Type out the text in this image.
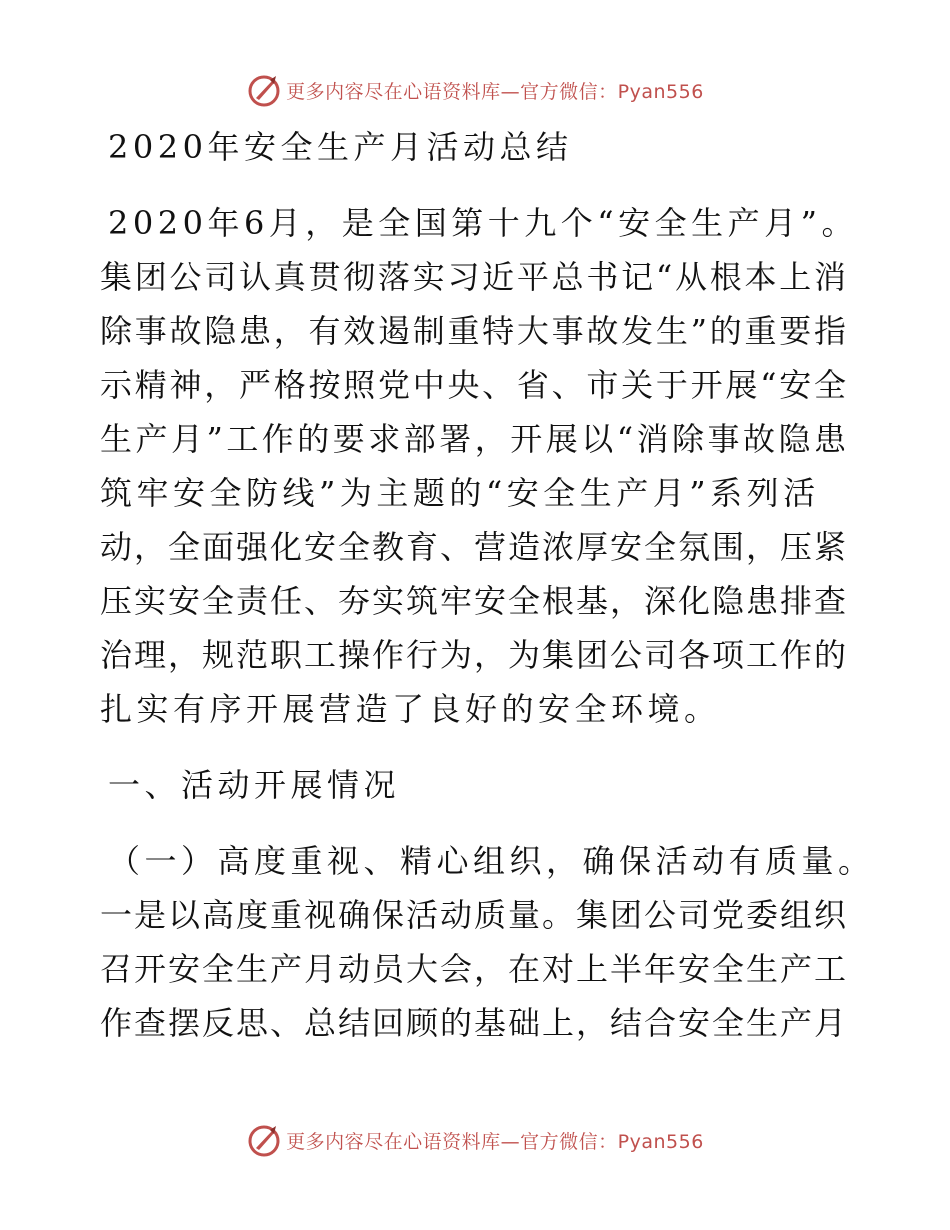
更多内容尽在心语资料库—官方微信：Pyan556
2020年安全生产月活动总结
2020年6月，是全国第十九个“安全生产月”。
集团公司认真贯彻落实习近平总书记“从根本上消
除事故隐患，有效遏制重特大事故发生”的重要指
示精神，严格按照党中央、省、市关于开展“安全
生产月”工作的要求部署，开展以“消除事故隐患
筑牢安全防线”为主题的“安全生产月”系列活
动，全面强化安全教育、营造浓厚安全氛围，压紧
压实安全责任、夯实筑牢安全根基，深化隐患排查
治理，规范职工操作行为，为集团公司各项工作的
扎实有序开展营造了良好的安全环境。
一、活动开展情况
（一）高度重视、精心组织，确保活动有质量。
一是以高度重视确保活动质量。集团公司党委组织
召开安全生产月动员大会，在对上半年安全生产工
作查摆反思、总结回顾的基础上，结合安全生产月
更多内容尽在心语资料库—官方微信：Pyan556
